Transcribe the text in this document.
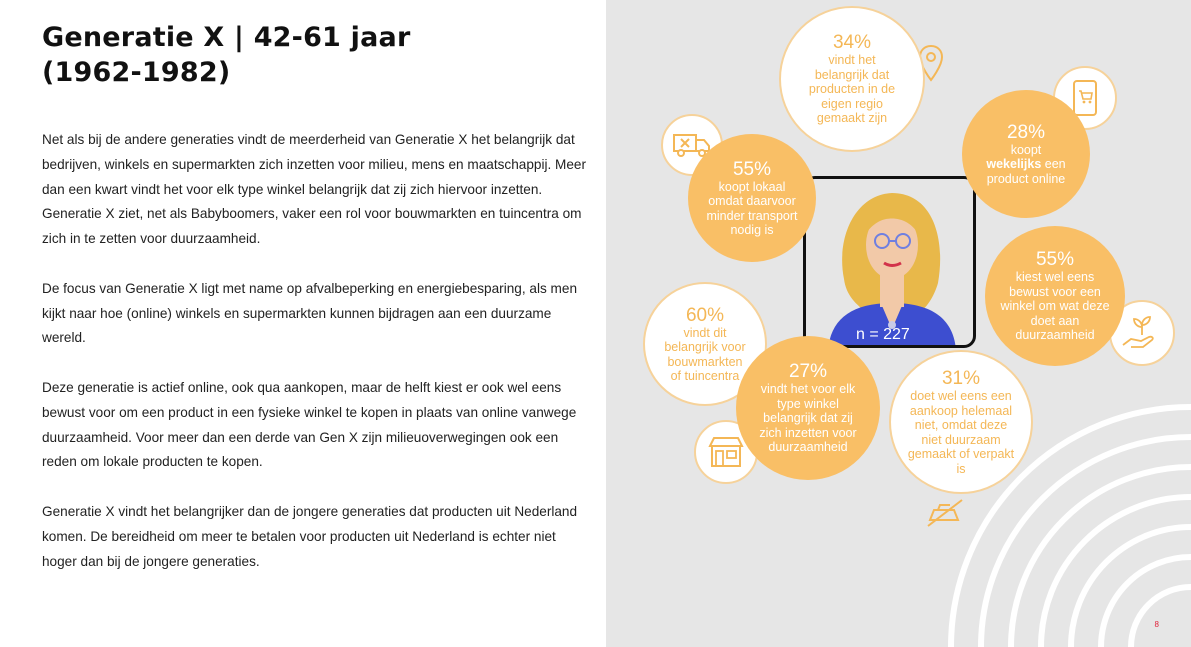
Generatie X | 42-61 jaar
(1962-1982)

Net als bij de andere generaties vindt de meerderheid van Generatie X het belangrijk dat bedrijven, winkels en supermarkten zich inzetten voor milieu, mens en maatschappij. Meer dan een kwart vindt het voor elk type winkel belangrijk dat zij zich hiervoor inzetten. Generatie X ziet, net als Babyboomers, vaker een rol voor bouwmarkten en tuincentra om zich in te zetten voor duurzaamheid.

De focus van Generatie X ligt met name op afvalbeperking en energiebesparing, als men kijkt naar hoe (online) winkels en supermarkten kunnen bijdragen aan een duurzame wereld.

Deze generatie is actief online, ook qua aankopen, maar de helft kiest er ook wel eens bewust voor om een product in een fysieke winkel te kopen in plaats van online vanwege duurzaamheid. Voor meer dan een derde van Gen X zijn milieuoverwegingen ook een reden om lokale producten te kopen.

Generatie X vindt het belangrijker dan de jongere generaties dat producten uit Nederland komen. De bereidheid om meer te betalen voor producten uit Nederland is echter niet hoger dan bij de jongere generaties.

n = 227
34%
vindt het belangrijk dat producten in de eigen regio gemaakt zijn
28%
koopt
wekelijks een product online
55%
koopt lokaal omdat daarvoor minder transport nodig is
55%
kiest wel eens bewust voor een winkel om wat deze doet aan duurzaamheid
60%
vindt dit belangrijk voor bouwmarkten of tuincentra	27%
vindt het voor elk type winkel belangrijk dat zij zich inzetten voor duurzaamheid
31%
doet wel eens een aankoop helemaal niet, omdat deze niet duurzaam gemaakt of verpakt is
8
